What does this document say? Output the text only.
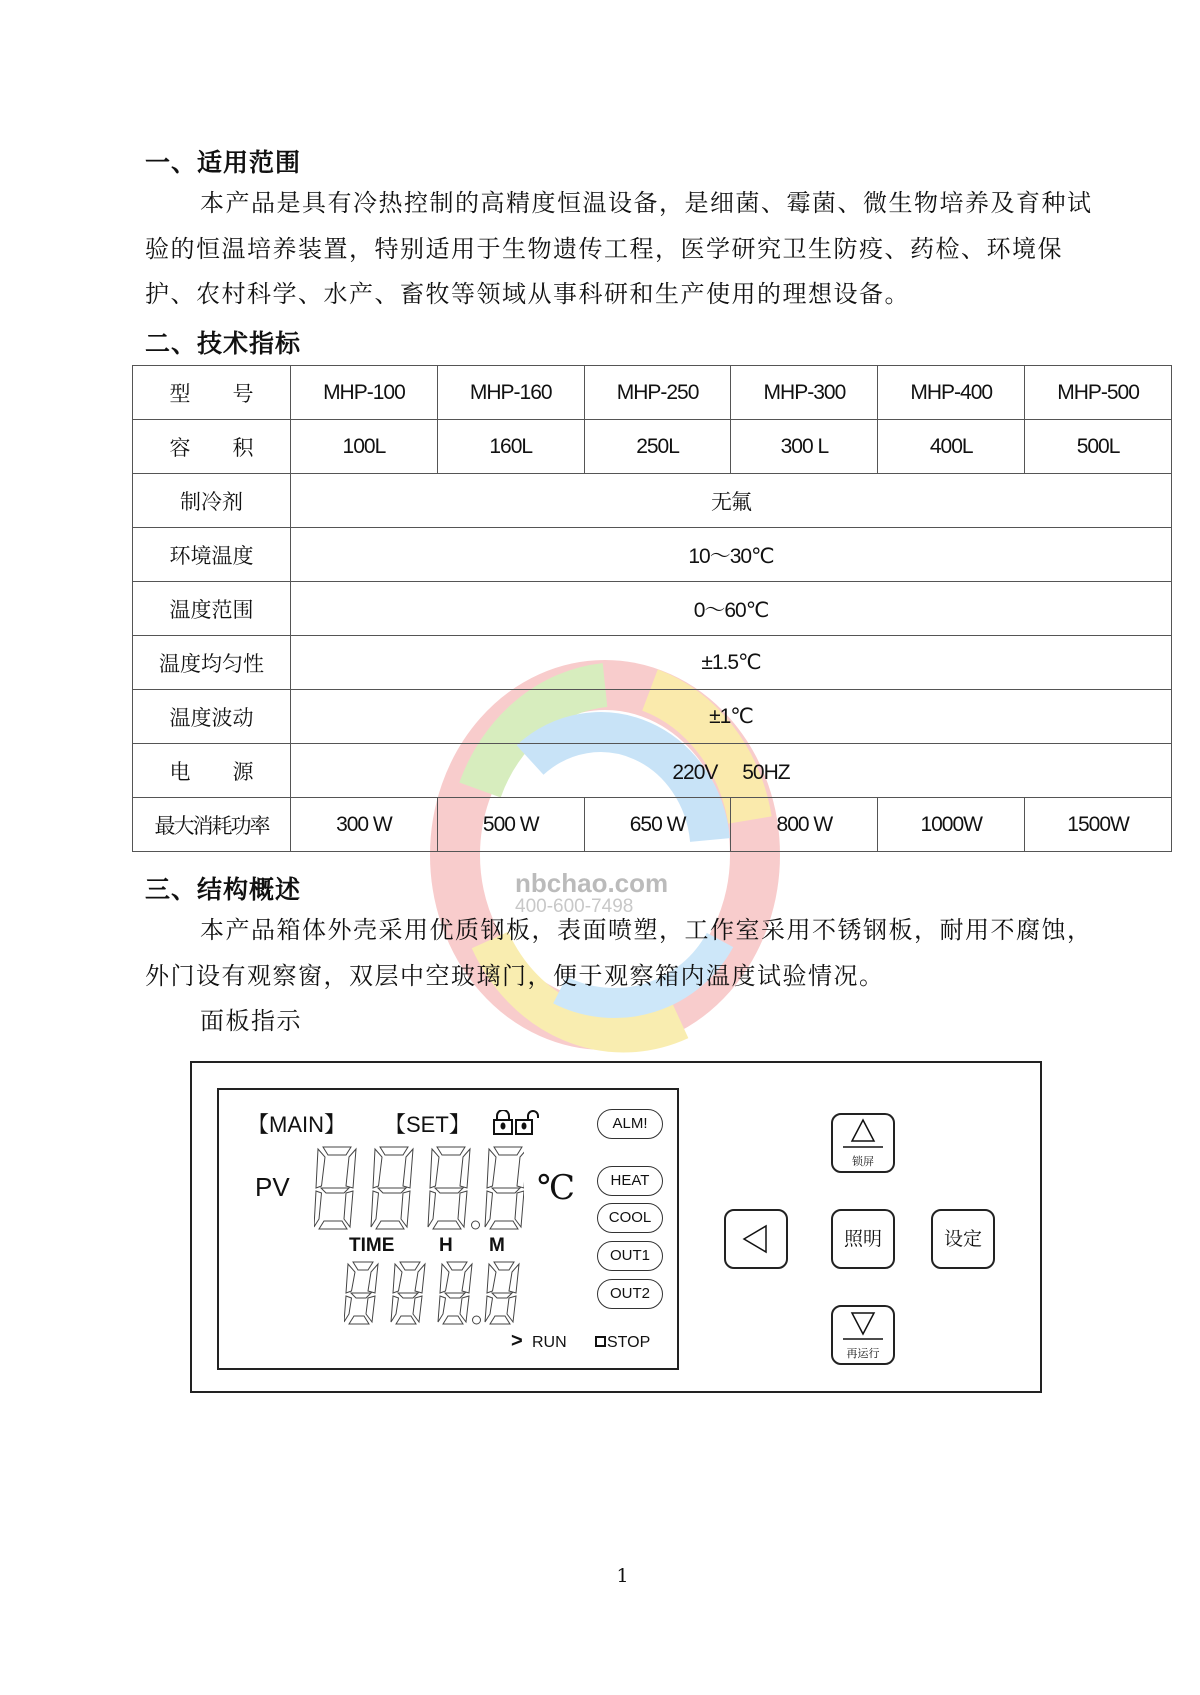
一、适用范围
本产品是具有冷热控制的高精度恒温设备，是细菌、霉菌、微生物培养及育种试验的恒温培养装置，特别适用于生物遗传工程，医学研究卫生防疫、药检、环境保护、农村科学、水产、畜牧等领域从事科研和生产使用的理想设备。
二、技术指标
nbchao.com
400-600-7498
型　　号	MHP-100	MHP-160	MHP-250	MHP-300	MHP-400	MHP-500
容　　积	100L	160L	250L	300 L	400L	500L
制冷剂	无氟					
环境温度	10～30℃					
温度范围	0～60℃					
温度均匀性	±1.5℃					
温度波动	±1℃					
电　　源	220V　 50HZ					
最大消耗功率	300 W	500 W	650 W	800 W	1000W	1500W
三、结构概述
本产品箱体外壳采用优质钢板，表面喷塑，工作室采用不锈钢板，耐用不腐蚀，外门设有观察窗，双层中空玻璃门，便于观察箱内温度试验情况。
面板指示
【MAIN】 【SET】
PV	℃
TIME H M
ALM!
HEAT
COOL
OUT1
OUT2
> RUN	STOP
锁屏
照明	设定
再运行
1
